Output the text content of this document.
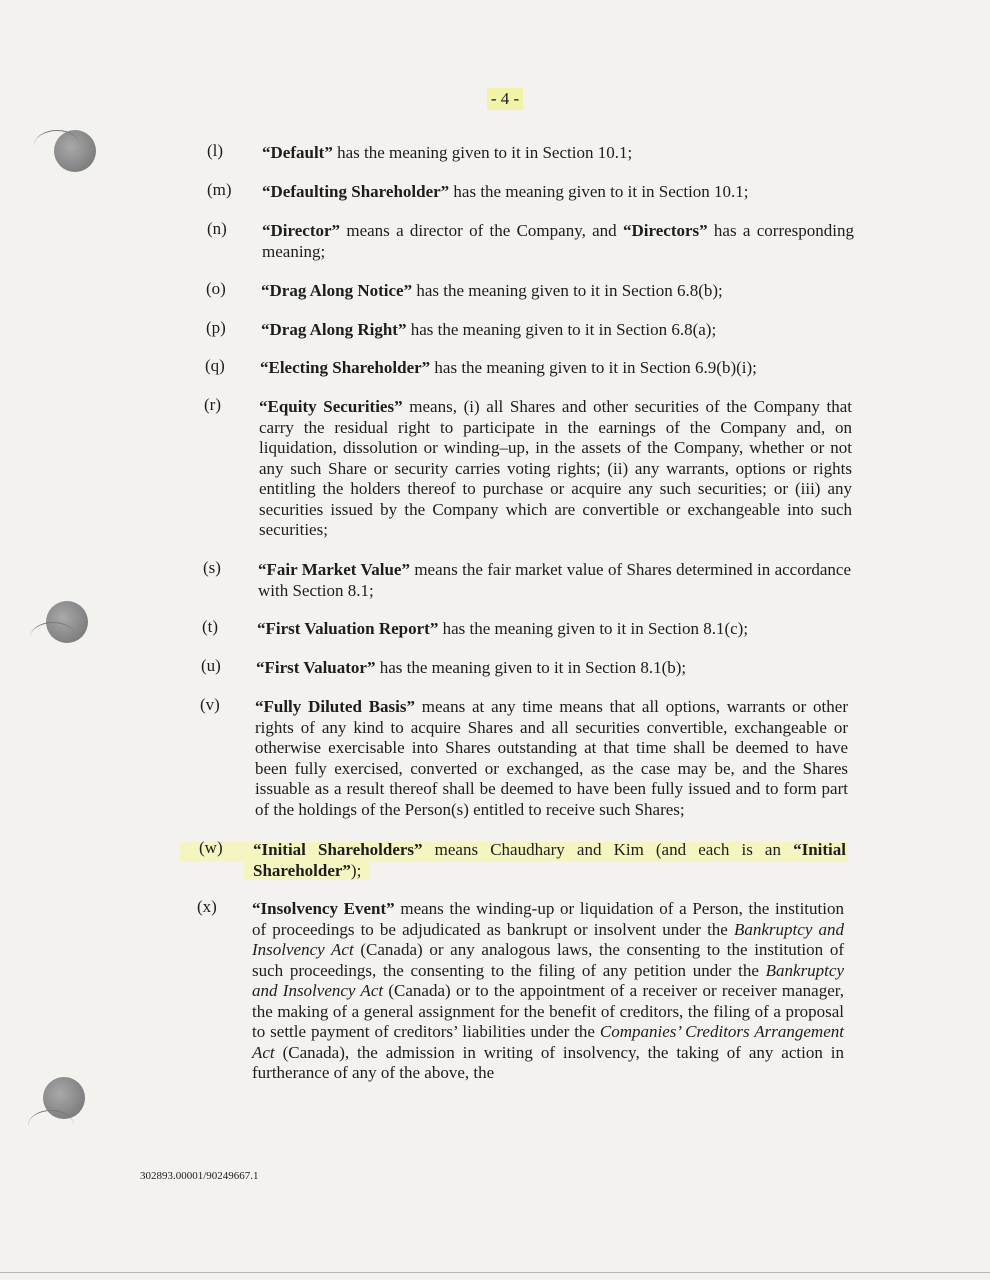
- 4 -
(l) “Default” has the meaning given to it in Section 10.1;
(m) “Defaulting Shareholder” has the meaning given to it in Section 10.1;
(n) “Director” means a director of the Company, and “Directors” has a corresponding meaning;
(o) “Drag Along Notice” has the meaning given to it in Section 6.8(b);
(p) “Drag Along Right” has the meaning given to it in Section 6.8(a);
(q) “Electing Shareholder” has the meaning given to it in Section 6.9(b)(i);
(r) “Equity Securities” means, (i) all Shares and other securities of the Company that carry the residual right to participate in the earnings of the Company and, on liquidation, dissolution or winding–up, in the assets of the Company, whether or not any such Share or security carries voting rights; (ii) any warrants, options or rights entitling the holders thereof to purchase or acquire any such securities; or (iii) any securities issued by the Company which are convertible or exchangeable into such securities;
(s) “Fair Market Value” means the fair market value of Shares determined in accordance with Section 8.1;
(t) “First Valuation Report” has the meaning given to it in Section 8.1(c);
(u) “First Valuator” has the meaning given to it in Section 8.1(b);
(v) “Fully Diluted Basis” means at any time means that all options, warrants or other rights of any kind to acquire Shares and all securities convertible, exchangeable or otherwise exercisable into Shares outstanding at that time shall be deemed to have been fully exercised, converted or exchanged, as the case may be, and the Shares issuable as a result thereof shall be deemed to have been fully issued and to form part of the holdings of the Person(s) entitled to receive such Shares;
(w) “Initial Shareholders” means Chaudhary and Kim (and each is an “Initial Shareholder”);
(x) “Insolvency Event” means the winding-up or liquidation of a Person, the institution of proceedings to be adjudicated as bankrupt or insolvent under the Bankruptcy and Insolvency Act (Canada) or any analogous laws, the consenting to the institution of such proceedings, the consenting to the filing of any petition under the Bankruptcy and Insolvency Act (Canada) or to the appointment of a receiver or receiver manager, the making of a general assignment for the benefit of creditors, the filing of a proposal to settle payment of creditors’ liabilities under the Companies’ Creditors Arrangement Act (Canada), the admission in writing of insolvency, the taking of any action in furtherance of any of the above, the
302893.00001/90249667.1
